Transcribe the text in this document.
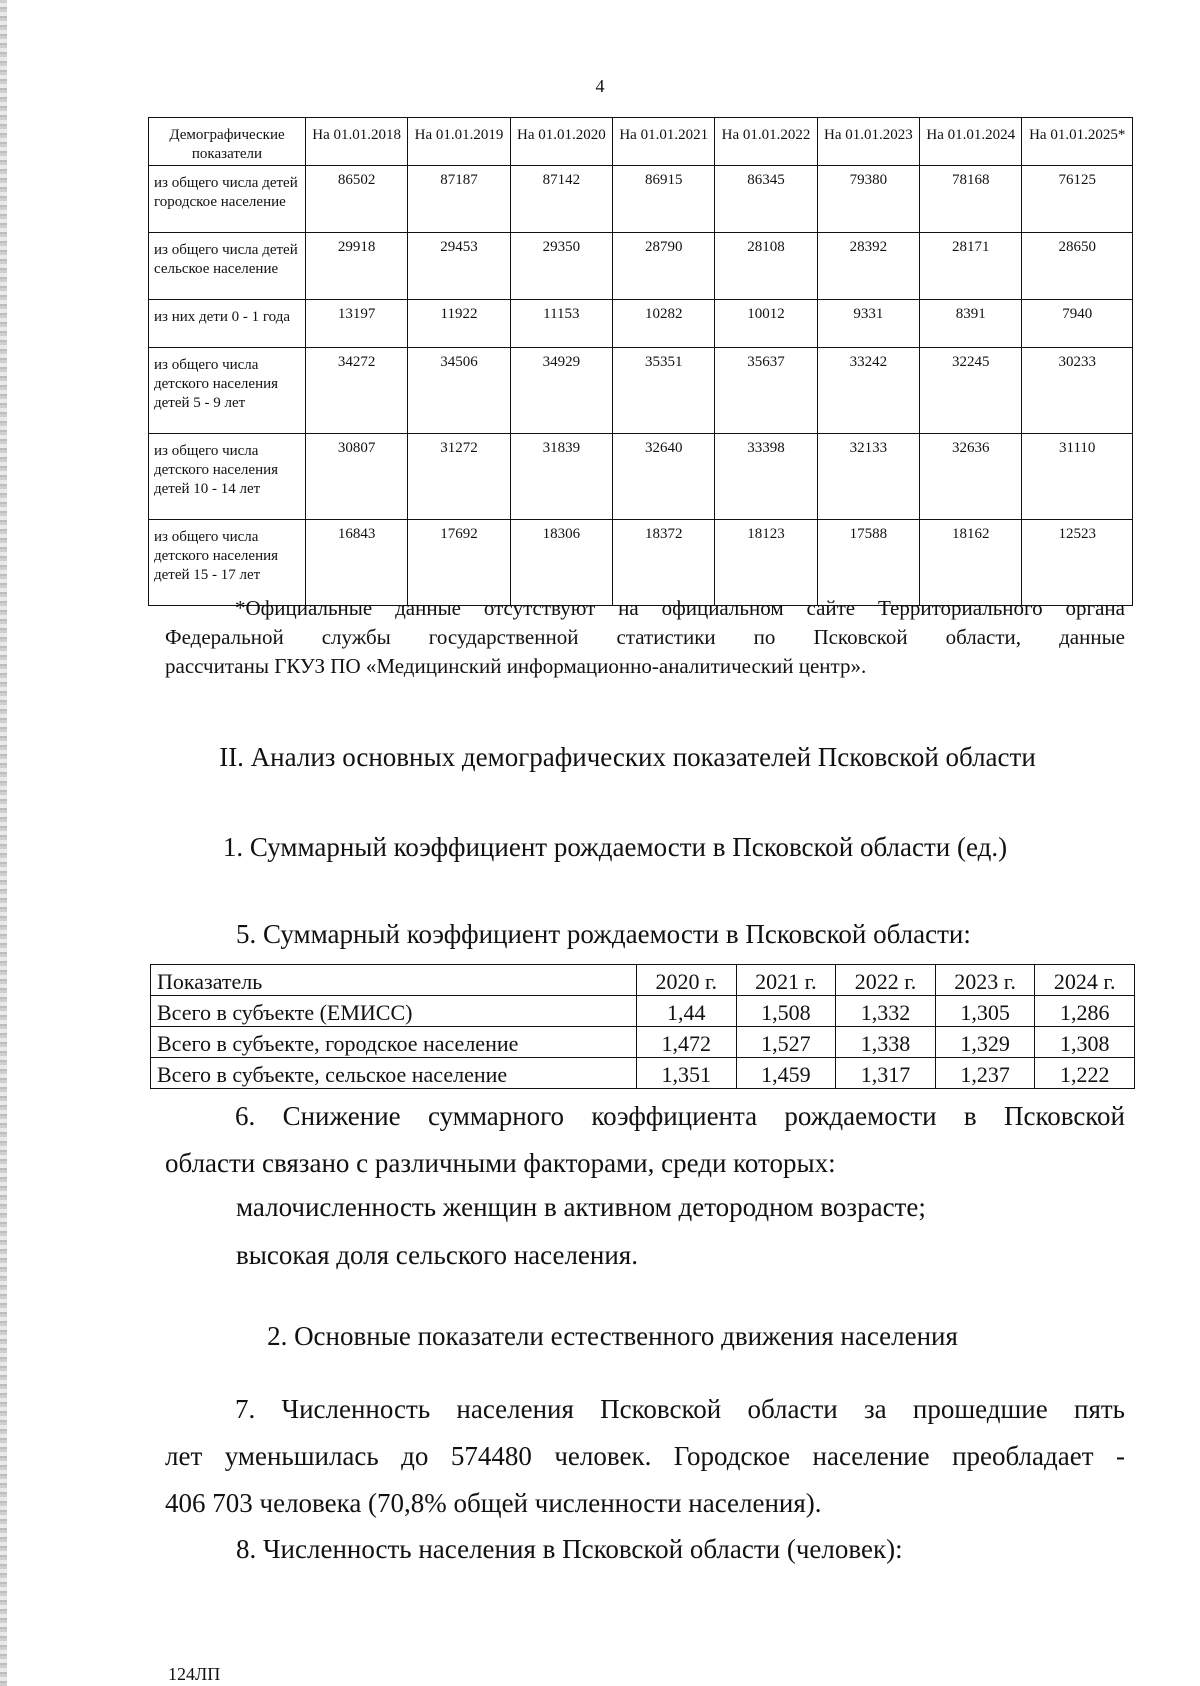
4
Демографические показатели	На 01.01.2018	На 01.01.2019	На 01.01.2020	На 01.01.2021	На 01.01.2022	На 01.01.2023	На 01.01.2024	На 01.01.2025*
из общего числа детей городское население	86502	87187	87142	86915	86345	79380	78168	76125
из общего числа детей сельское население	29918	29453	29350	28790	28108	28392	28171	28650
из них дети 0 - 1 года	13197	11922	11153	10282	10012	9331	8391	7940
из общего числа детского населения детей 5 - 9 лет	34272	34506	34929	35351	35637	33242	32245	30233
из общего числа детского населения детей 10 - 14 лет	30807	31272	31839	32640	33398	32133	32636	31110
из общего числа детского населения детей 15 - 17 лет	16843	17692	18306	18372	18123	17588	18162	12523
*Официальные данные отсутствуют на официальном сайте Территориального органа
Федеральной службы государственной статистики по Псковской области, данные
рассчитаны ГКУЗ ПО «Медицинский информационно-аналитический центр».
II. Анализ основных демографических показателей Псковской области
1. Суммарный коэффициент рождаемости в Псковской области (ед.)
5. Суммарный коэффициент рождаемости в Псковской области:
Показатель	2020 г.	2021 г.	2022 г.	2023 г.	2024 г.
Всего в субъекте (ЕМИСС)	1,44	1,508	1,332	1,305	1,286
Всего в субъекте, городское население	1,472	1,527	1,338	1,329	1,308
Всего в субъекте, сельское население	1,351	1,459	1,317	1,237	1,222
6. Снижение суммарного коэффициента рождаемости в Псковской
области связано с различными факторами, среди которых:
малочисленность женщин в активном детородном возрасте;
высокая доля сельского населения.
2. Основные показатели естественного движения населения
7. Численность населения Псковской области за прошедшие пять
лет уменьшилась до 574480 человек. Городское население преобладает -
406 703 человека (70,8% общей численности населения).
8. Численность населения в Псковской области (человек):
124ЛП
